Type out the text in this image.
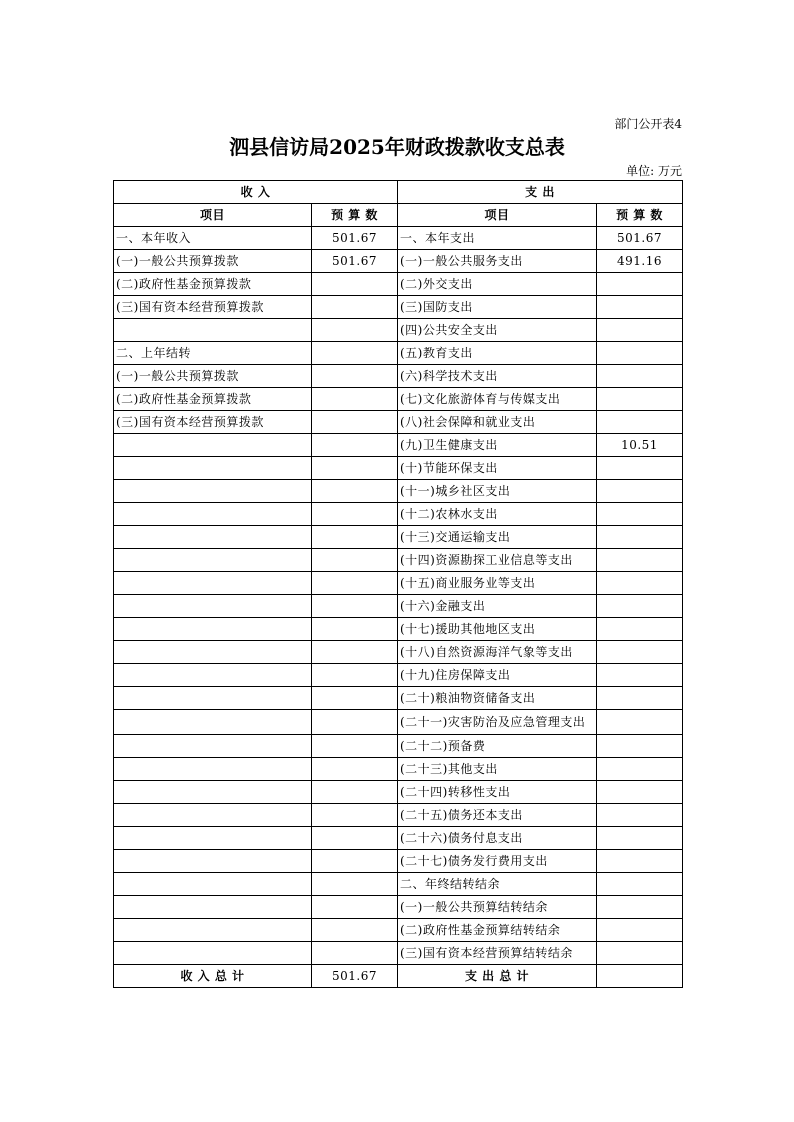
部门公开表4
泗县信访局2025年财政拨款收支总表
单位: 万元
收 入		支 出	
项目	预 算 数	项目	预 算 数
一、本年收入	501.67	一、本年支出	501.67
(一)一般公共预算拨款	501.67	(一)一般公共服务支出	491.16
(二)政府性基金预算拨款		(二)外交支出	
(三)国有资本经营预算拨款		(三)国防支出	
		(四)公共安全支出	
二、上年结转		(五)教育支出	
(一)一般公共预算拨款		(六)科学技术支出	
(二)政府性基金预算拨款		(七)文化旅游体育与传媒支出	
(三)国有资本经营预算拨款		(八)社会保障和就业支出	
		(九)卫生健康支出	10.51
		(十)节能环保支出	
		(十一)城乡社区支出	
		(十二)农林水支出	
		(十三)交通运输支出	
		(十四)资源勘探工业信息等支出	
		(十五)商业服务业等支出	
		(十六)金融支出	
		(十七)援助其他地区支出	
		(十八)自然资源海洋气象等支出	
		(十九)住房保障支出	
		(二十)粮油物资储备支出	
		(二十一)灾害防治及应急管理支出	
		(二十二)预备费	
		(二十三)其他支出	
		(二十四)转移性支出	
		(二十五)债务还本支出	
		(二十六)债务付息支出	
		(二十七)债务发行费用支出	
		二、年终结转结余	
		(一)一般公共预算结转结余	
		(二)政府性基金预算结转结余	
		(三)国有资本经营预算结转结余	
收 入 总 计	501.67	支 出 总 计	
